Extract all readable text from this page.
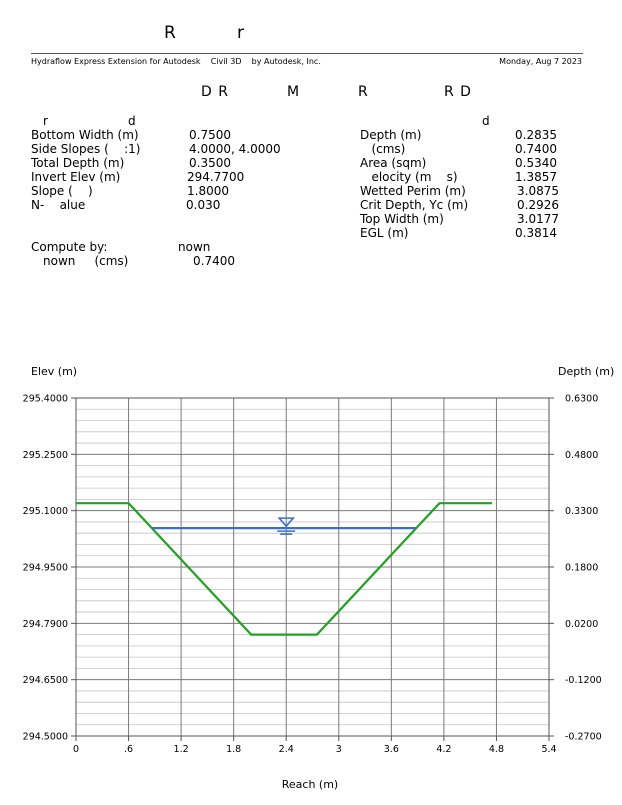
R	r
Hydraflow Express Extension for Autodesk    Civil 3D    by Autodesk, Inc.	Monday, Aug 7 2023
D R	M	R	R D
r	d
Bottom Width (m)	0.7500
Side Slopes (    :1)	4.0000, 4.0000
Total Depth (m)	0.3500
Invert Elev (m)	294.7700
Slope (    )	1.8000
N-    alue	0.030
Compute by:	nown
nown     (cms)	0.7400
d
Depth (m)	0.2835
(cms)	0.7400
Area (sqm)	0.5340
elocity (m    s)	1.3857
Wetted Perim (m)	3.0875
Crit Depth, Yc (m)	0.2926
Top Width (m)	3.0177
EGL (m)	0.3814
Elev (m)	Depth (m)
Reach (m)
295.4000
295.2500
295.1000
294.9500
294.7900
294.6500
294.5000
0.6300
0.4800
0.3300
0.1800
0.0200
-0.1200
-0.2700
0	.6	1.2	1.8	2.4	3	3.6	4.2	4.8	5.4
